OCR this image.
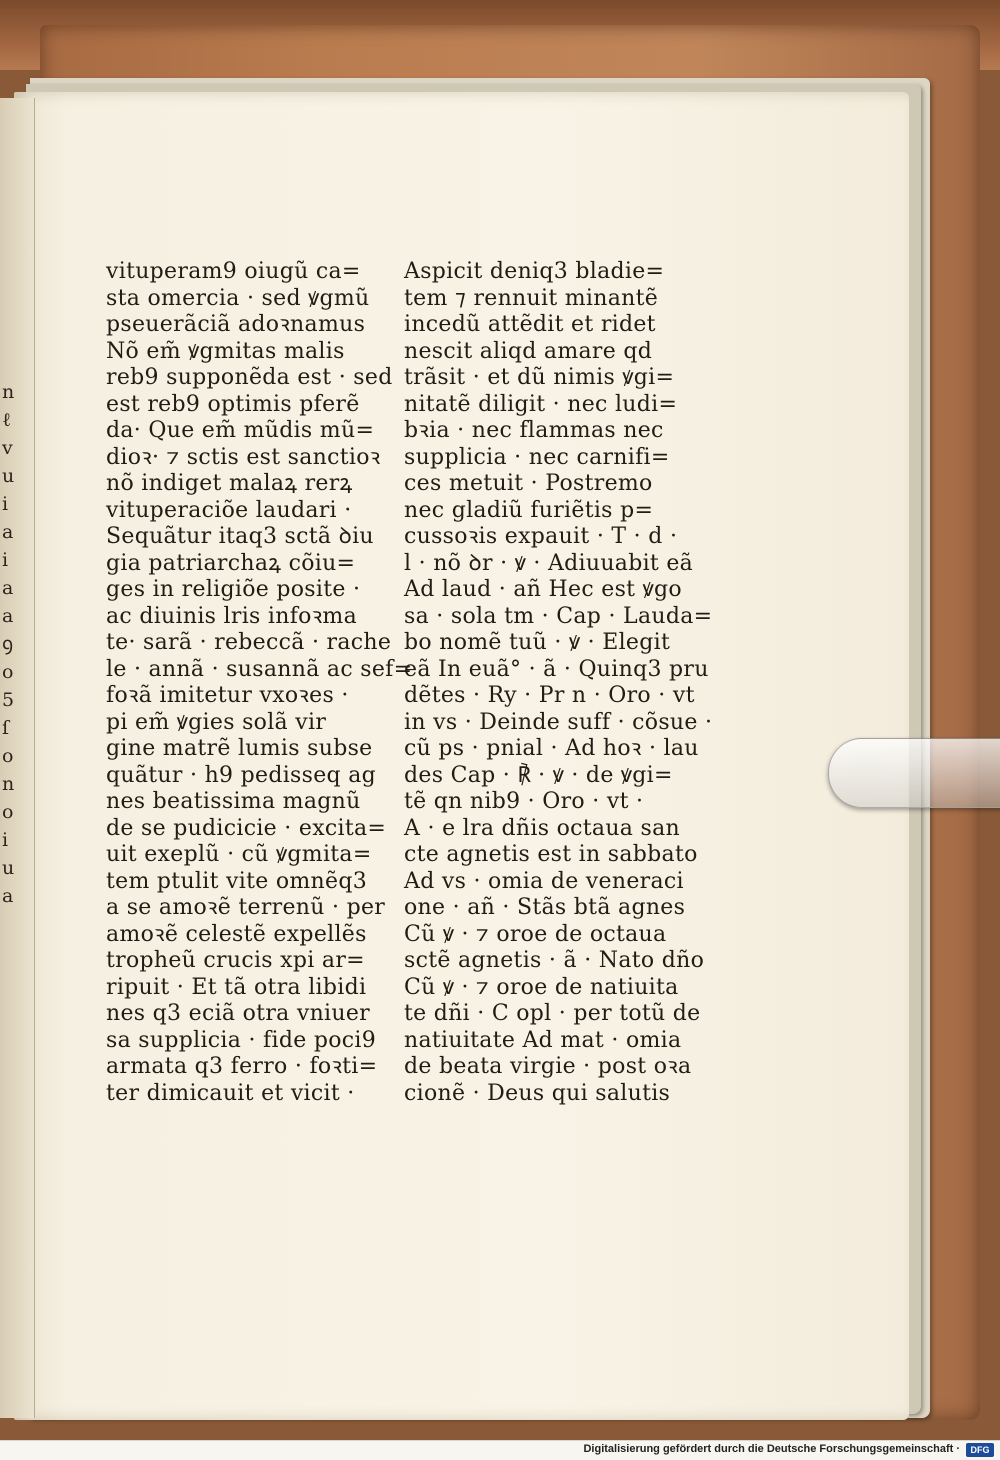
n
ℓ
v
u
i
a
i
a
a
ꝯ
o
5
ſ
o
n
o
i
u
a
vituperam9 oiugũ ca=
sta omercia · sed ꝟgmũ
pseuerãciã adoꝛnamus
Nõ em̃ ꝟgmitas malis
reb9 supponẽda est · sed
est reb9 optimis pferẽ
da· Que em̃ mũdis mũ=
dioꝛ· ⁊ sctis est sanctioꝛ
nõ indiget malaꝝ rerꝝ
vituperaciõe laudari ·
Sequãtur itaq3 sctã ꝺiu
gia patriarchaꝝ cõiu=
ges in religiõe posite ·
ac diuinis lris infoꝛma
te· sarã · rebeccã · rache
le · annã · susannã ac sef=
foꝛã imitetur vxoꝛes ·
pi em̃ ꝟgies solã vir
gine matrẽ lumis subse
quãtur · h9 pedisseq ag
nes beatissima magnũ
de se pudicicie · excita=
uit exeplũ · cũ ꝟgmita=
tem ptulit vite omnẽq3
a se amoꝛẽ terrenũ · per
amoꝛẽ celestẽ expellẽs
tropheũ crucis xpi ar=
ripuit · Et tã otra libidi
nes q3 eciã otra vniuer
sa supplicia · fide poci9
armata q3 ferro · foꝛti=
ter dimicauit et vicit ·
Aspicit deniq3 bladie=
tem ⁊ rennuit minantẽ
incedũ attẽdit et ridet
nescit aliqd amare qd
trãsit · et dũ nimis ꝟgi=
nitatẽ diligit · nec ludi=
bꝛia · nec flammas nec
supplicia · nec carnifi=
ces metuit · Postremo
nec gladiũ furiẽtis p=
cussoꝛis expauit · T · d ·
l · nõ ꝺr · ꝟ · Adiuuabit eã
Ad laud · añ Hec est ꝟgo
sa · sola tm · Cap · Lauda=
bo nomẽ tuũ · ꝟ · Elegit
eã In euã° · ã · Quinq3 pru
dẽtes · Ry · Pr n · Oro · vt
in vs · Deinde suff · cõsue ·
cũ ps · pnial · Ad hoꝛ · lau
des Cap · ℟ · ꝟ · de ꝟgi=
tẽ qn nib9 · Oro · vt ·
A · e lra dñis octaua san
cte agnetis est in sabbato
Ad vs · omia de veneraci
one · añ · Stãs btã agnes
Cũ ꝟ · ⁊ oroe de octaua
sctẽ agnetis · ã · Nato dño
Cũ ꝟ · ⁊ oroe de natiuita
te dñi · C opl · per totũ de
natiuitate Ad mat · omia
de beata virgie · post oꝛa
cionẽ · Deus qui salutis
Digitalisierung gefördert durch die Deutsche Forschungsgemeinschaft ·	DFG
